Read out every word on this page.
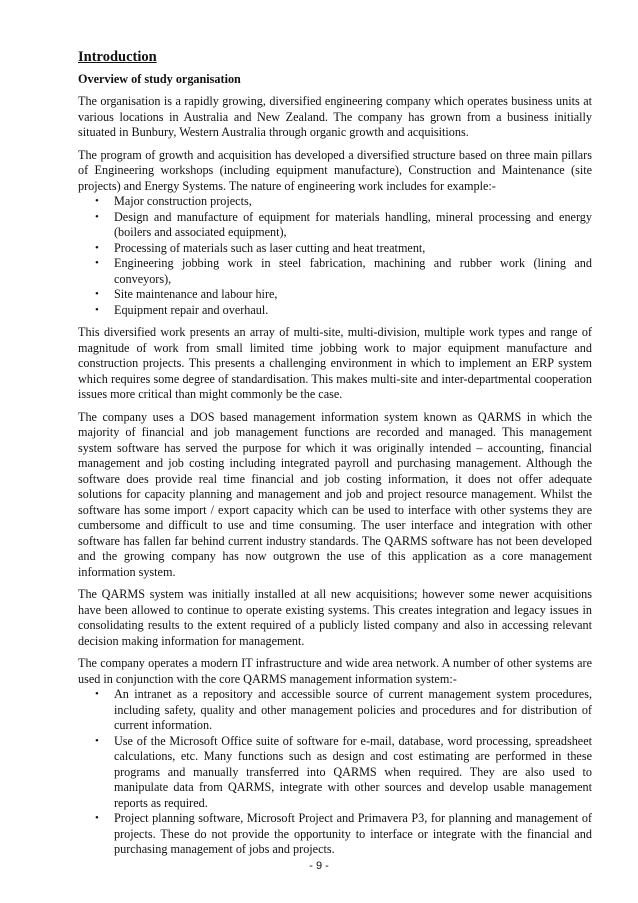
Introduction
Overview of study organisation

The organisation is a rapidly growing, diversified engineering company which operates business units at various locations in Australia and New Zealand. The company has grown from a business initially situated in Bunbury, Western Australia through organic growth and acquisitions.

The program of growth and acquisition has developed a diversified structure based on three main pillars of Engineering workshops (including equipment manufacture), Construction and Maintenance (site projects) and Energy Systems. The nature of engineering work includes for example:-

• Major construction projects,
• Design and manufacture of equipment for materials handling, mineral processing and energy (boilers and associated equipment),
• Processing of materials such as laser cutting and heat treatment,
• Engineering jobbing work in steel fabrication, machining and rubber work (lining and conveyors),
• Site maintenance and labour hire,
• Equipment repair and overhaul.

This diversified work presents an array of multi-site, multi-division, multiple work types and range of magnitude of work from small limited time jobbing work to major equipment manufacture and construction projects. This presents a challenging environment in which to implement an ERP system which requires some degree of standardisation. This makes multi-site and inter-departmental cooperation issues more critical than might commonly be the case.

The company uses a DOS based management information system known as QARMS in which the majority of financial and job management functions are recorded and managed. This management system software has served the purpose for which it was originally intended – accounting, financial management and job costing including integrated payroll and purchasing management. Although the software does provide real time financial and job costing information, it does not offer adequate solutions for capacity planning and management and job and project resource management. Whilst the software has some import / export capacity which can be used to interface with other systems they are cumbersome and difficult to use and time consuming. The user interface and integration with other software has fallen far behind current industry standards. The QARMS software has not been developed and the growing company has now outgrown the use of this application as a core management information system.

The QARMS system was initially installed at all new acquisitions; however some newer acquisitions have been allowed to continue to operate existing systems. This creates integration and legacy issues in consolidating results to the extent required of a publicly listed company and also in accessing relevant decision making information for management.

The company operates a modern IT infrastructure and wide area network. A number of other systems are used in conjunction with the core QARMS management information system:-

• An intranet as a repository and accessible source of current management system procedures, including safety, quality and other management policies and procedures and for distribution of current information.
• Use of the Microsoft Office suite of software for e-mail, database, word processing, spreadsheet calculations, etc. Many functions such as design and cost estimating are performed in these programs and manually transferred into QARMS when required. They are also used to manipulate data from QARMS, integrate with other sources and develop usable management reports as required.
• Project planning software, Microsoft Project and Primavera P3, for planning and management of projects. These do not provide the opportunity to interface or integrate with the financial and purchasing management of jobs and projects.
- 9 -
